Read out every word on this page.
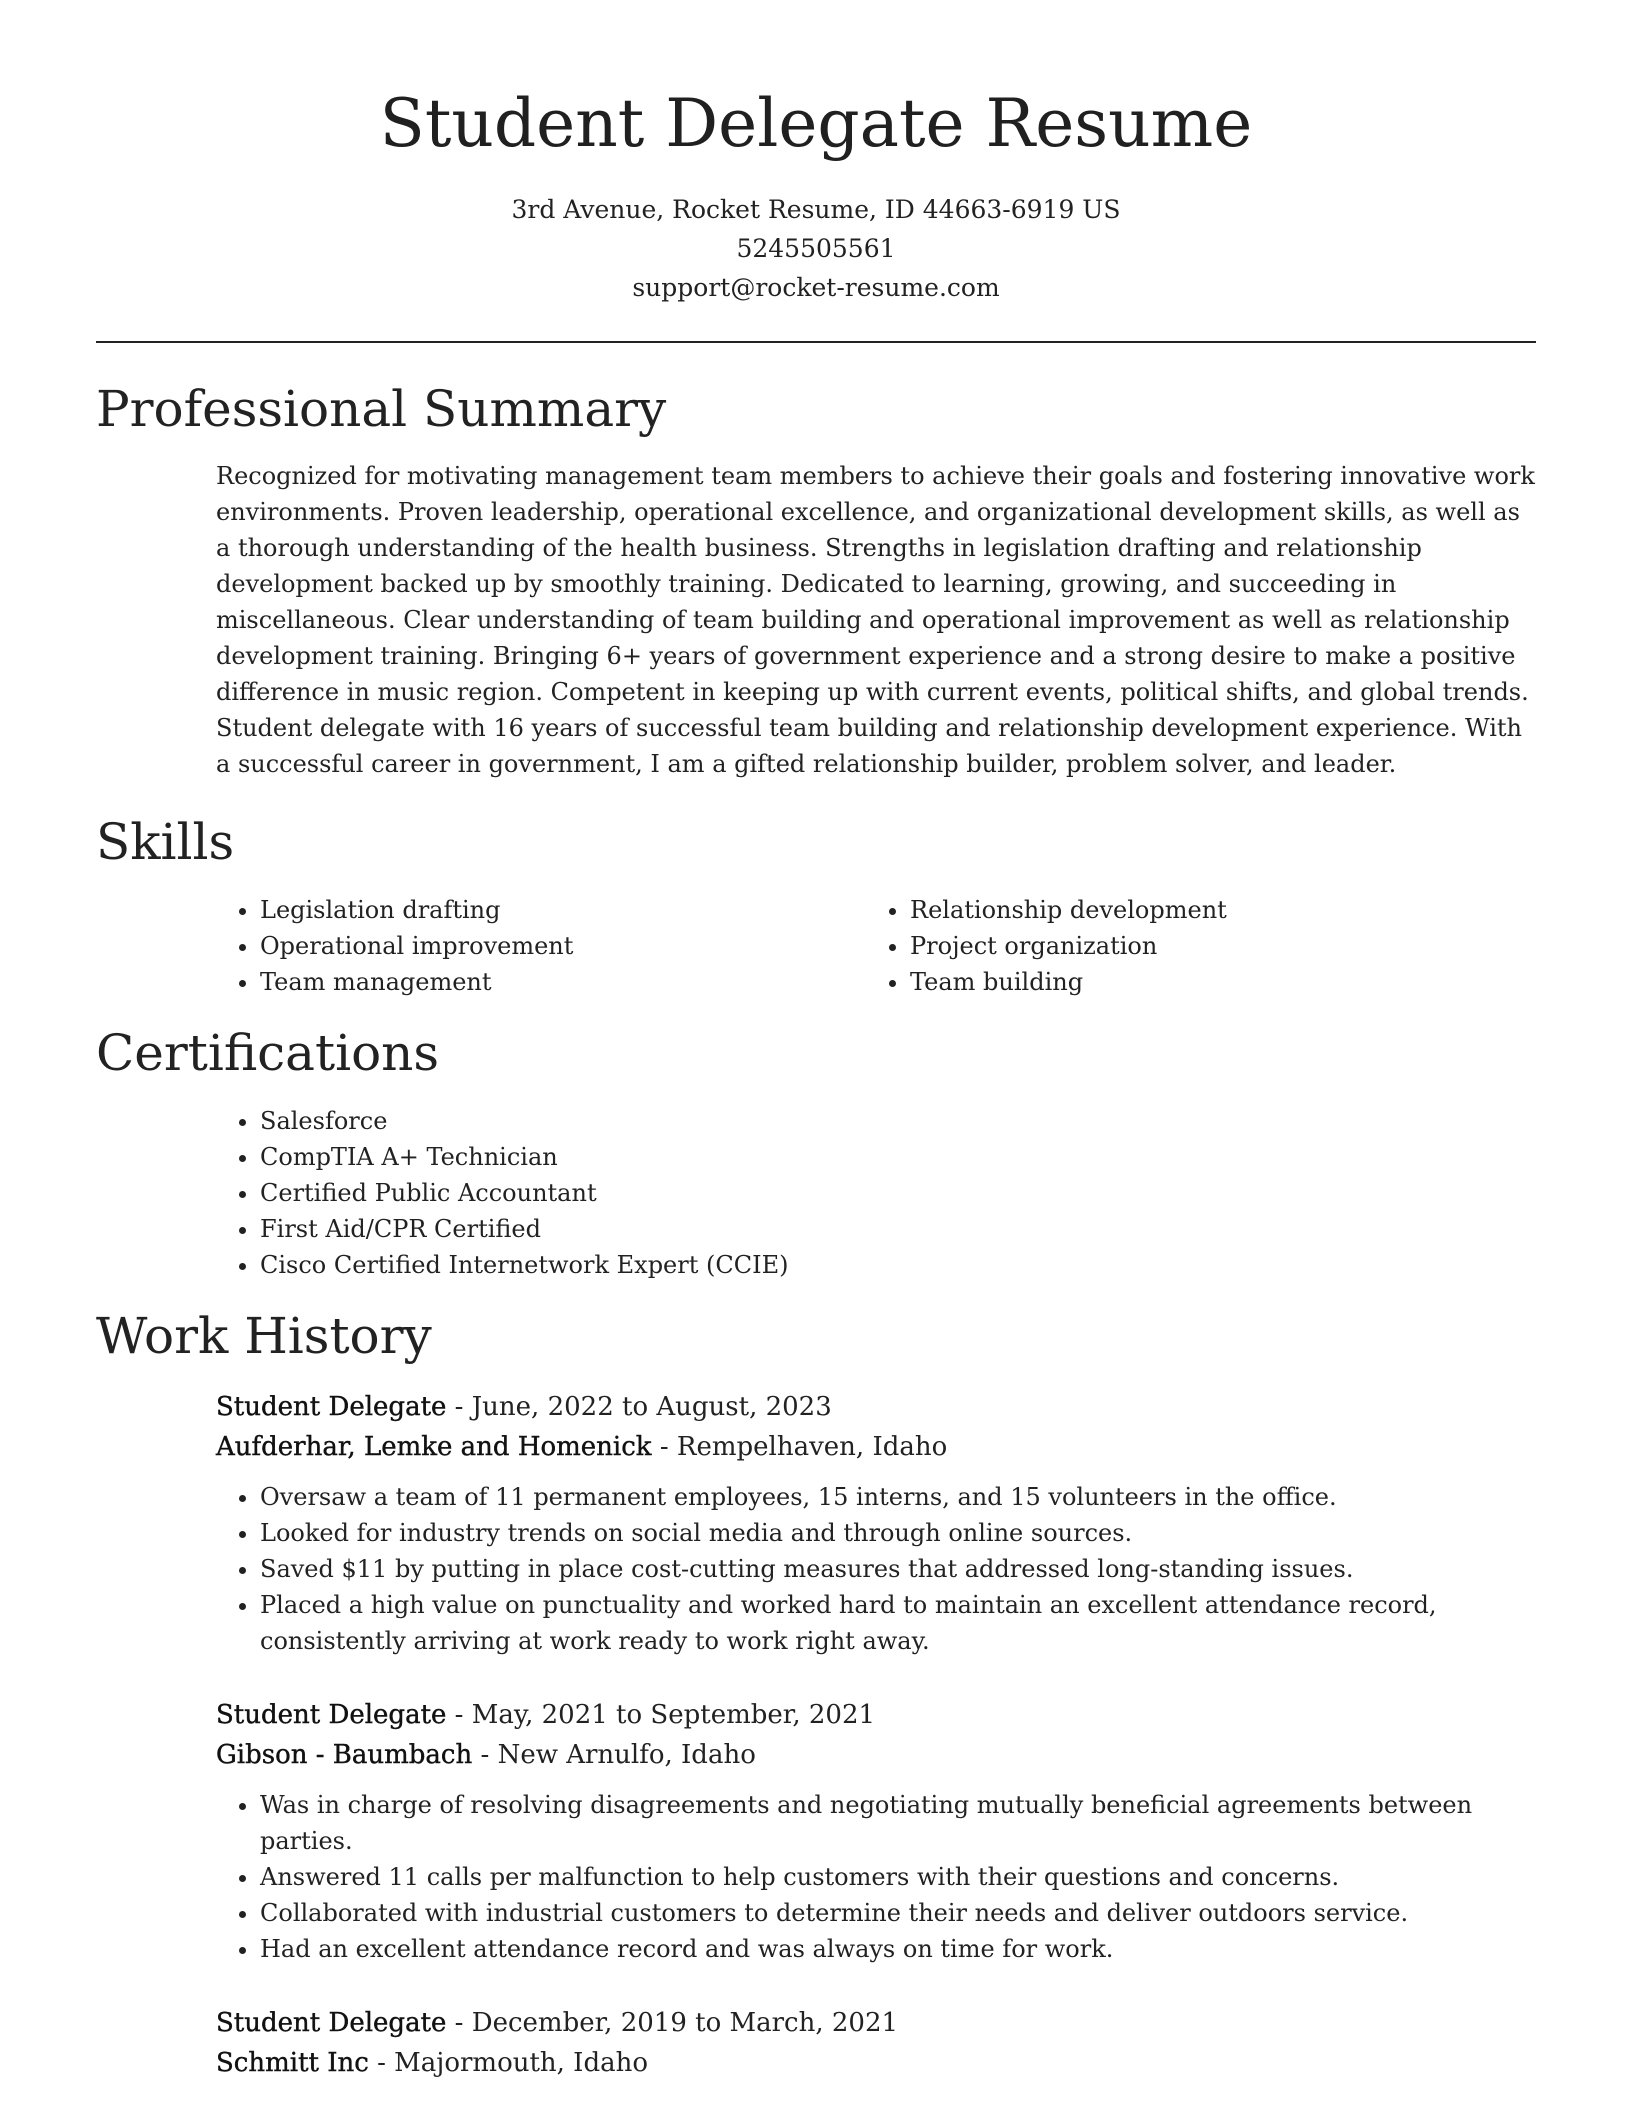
Student Delegate Resume
3rd Avenue, Rocket Resume, ID 44663-6919 US
5245505561
support@rocket-resume.com
Professional Summary

Recognized for motivating management team members to achieve their goals and fostering innovative work environments. Proven leadership, operational excellence, and organizational development skills, as well as a thorough understanding of the health business. Strengths in legislation drafting and relationship development backed up by smoothly training. Dedicated to learning, growing, and succeeding in miscellaneous. Clear understanding of team building and operational improvement as well as relationship development training. Bringing 6+ years of government experience and a strong desire to make a positive difference in music region. Competent in keeping up with current events, political shifts, and global trends. Student delegate with 16 years of successful team building and relationship development experience. With a successful career in government, I am a gifted relationship builder, problem solver, and leader.

Skills
• Legislation drafting
• Operational improvement
• Team management
• Relationship development
• Project organization
• Team building
Certifications
• Salesforce
• CompTIA A+ Technician
• Certified Public Accountant
• First Aid/CPR Certified
• Cisco Certified Internetwork Expert (CCIE)
Work History
Student Delegate - June, 2022 to August, 2023
Aufderhar, Lemke and Homenick - Rempelhaven, Idaho
• Oversaw a team of 11 permanent employees, 15 interns, and 15 volunteers in the office.
• Looked for industry trends on social media and through online sources.
• Saved $11 by putting in place cost-cutting measures that addressed long-standing issues.
• Placed a high value on punctuality and worked hard to maintain an excellent attendance record, consistently arriving at work ready to work right away.
Student Delegate - May, 2021 to September, 2021
Gibson - Baumbach - New Arnulfo, Idaho
• Was in charge of resolving disagreements and negotiating mutually beneficial agreements between parties.
• Answered 11 calls per malfunction to help customers with their questions and concerns.
• Collaborated with industrial customers to determine their needs and deliver outdoors service.
• Had an excellent attendance record and was always on time for work.
Student Delegate - December, 2019 to March, 2021
Schmitt Inc - Majormouth, Idaho
